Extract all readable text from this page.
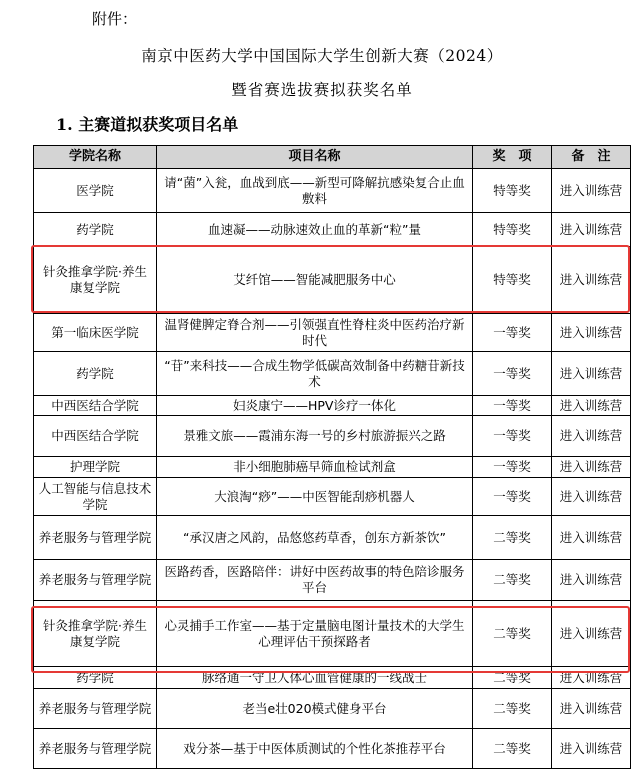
附件：
南京中医药大学中国国际大学生创新大赛（2024）
暨省赛选拔赛拟获奖名单
1. 主赛道拟获奖项目名单
学院名称	项目名称	奖　项	备　注
医学院	请“菌”入瓮，血战到底——新型可降解抗感染复合止血敷料	特等奖	进入训练营
药学院	血速凝——动脉速效止血的革新“粒”量	特等奖	进入训练营
针灸推拿学院·养生康复学院	艾纤馆——智能减肥服务中心	特等奖	进入训练营
第一临床医学院	温肾健脾定脊合剂——引领强直性脊柱炎中医药治疗新时代	一等奖	进入训练营
药学院	“苷”来科技——合成生物学低碳高效制备中药糖苷新技术	一等奖	进入训练营
中西医结合学院	妇炎康宁——HPV诊疗一体化	一等奖	进入训练营
中西医结合学院	景雅文旅——霞浦东海一号的乡村旅游振兴之路	一等奖	进入训练营
护理学院	非小细胞肺癌早筛血检试剂盒	一等奖	进入训练营
人工智能与信息技术学院	大浪淘“痧”——中医智能刮痧机器人	一等奖	进入训练营
养老服务与管理学院	“承汉唐之风韵，品悠悠药草香，创东方新茶饮”	二等奖	进入训练营
养老服务与管理学院	医路药香，医路陪伴：讲好中医药故事的特色陪诊服务平台	二等奖	进入训练营
针灸推拿学院·养生康复学院	心灵捕手工作室——基于定量脑电图计量技术的大学生心理评估干预探路者	二等奖	进入训练营
药学院	脉络通一守卫人体心血管健康的一线战士	二等奖	进入训练营
养老服务与管理学院	老当e壮020模式健身平台	二等奖	进入训练营
养老服务与管理学院	戏分茶—基于中医体质测试的个性化茶推荐平台	二等奖	进入训练营
